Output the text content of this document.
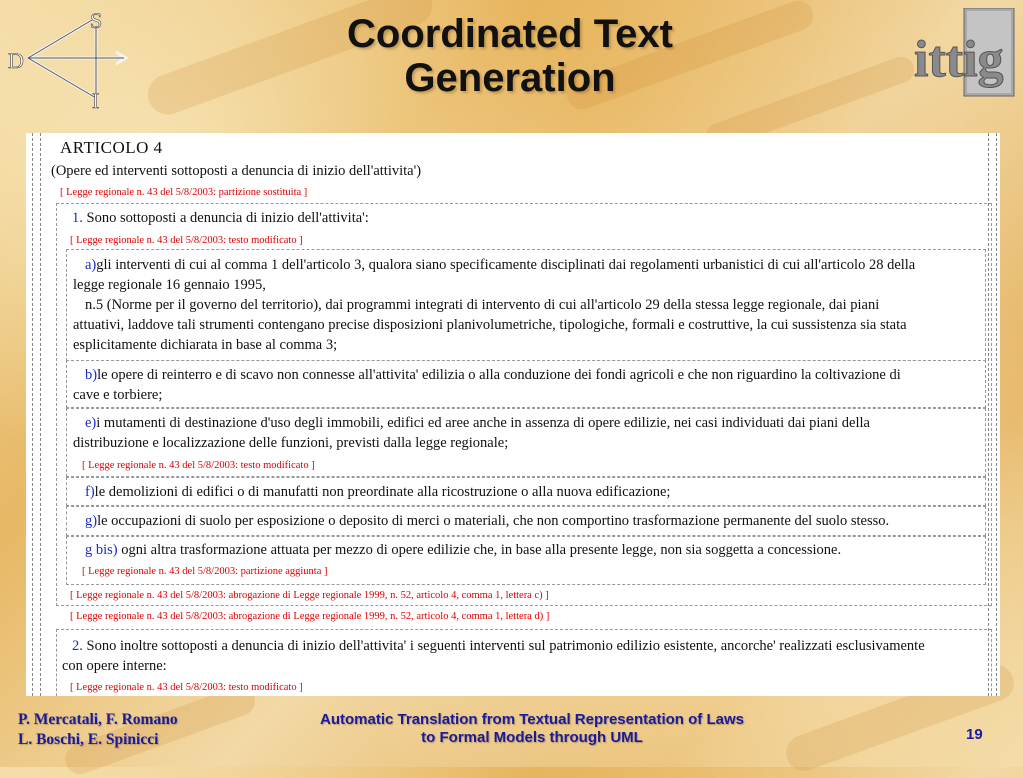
S
D
I
Coordinated Text
Generation	ittig
ARTICOLO 4
(Opere ed interventi sottoposti a denuncia di inizio dell'attivita')
[ Legge regionale n. 43 del 5/8/2003: partizione sostituita ]
1. Sono sottoposti a denuncia di inizio dell'attivita':
[ Legge regionale n. 43 del 5/8/2003: testo modificato ]
a)gli interventi di cui al comma 1 dell'articolo 3, qualora siano specificamente disciplinati dai regolamenti urbanistici di cui all'articolo 28 della
legge regionale 16 gennaio 1995,
n.5 (Norme per il governo del territorio), dai programmi integrati di intervento di cui all'articolo 29 della stessa legge regionale, dai piani
attuativi, laddove tali strumenti contengano precise disposizioni planivolumetriche, tipologiche, formali e costruttive, la cui sussistenza sia stata
esplicitamente dichiarata in base al comma 3;
b)le opere di reinterro e di scavo non connesse all'attivita' edilizia o alla conduzione dei fondi agricoli e che non riguardino la coltivazione di
cave e torbiere;
e)i mutamenti di destinazione d'uso degli immobili, edifici ed aree anche in assenza di opere edilizie, nei casi individuati dai piani della
distribuzione e localizzazione delle funzioni, previsti dalla legge regionale;
[ Legge regionale n. 43 del 5/8/2003: testo modificato ]
f)le demolizioni di edifici o di manufatti non preordinate alla ricostruzione o alla nuova edificazione;
g)le occupazioni di suolo per esposizione o deposito di merci o materiali, che non comportino trasformazione permanente del suolo stesso.
g bis) ogni altra trasformazione attuata per mezzo di opere edilizie che, in base alla presente legge, non sia soggetta a concessione.
[ Legge regionale n. 43 del 5/8/2003: partizione aggiunta ]
[ Legge regionale n. 43 del 5/8/2003: abrogazione di Legge regionale 1999, n. 52, articolo 4, comma 1, lettera c) ]
[ Legge regionale n. 43 del 5/8/2003: abrogazione di Legge regionale 1999, n. 52, articolo 4, comma 1, lettera d) ]
2. Sono inoltre sottoposti a denuncia di inizio dell'attivita' i seguenti interventi sul patrimonio edilizio esistente, ancorche' realizzati esclusivamente
con opere interne:
[ Legge regionale n. 43 del 5/8/2003: testo modificato ]
P. Mercatali, F. Romano
L. Boschi, E. Spinicci
Automatic Translation from Textual Representation of Laws
to Formal Models through UML	19
